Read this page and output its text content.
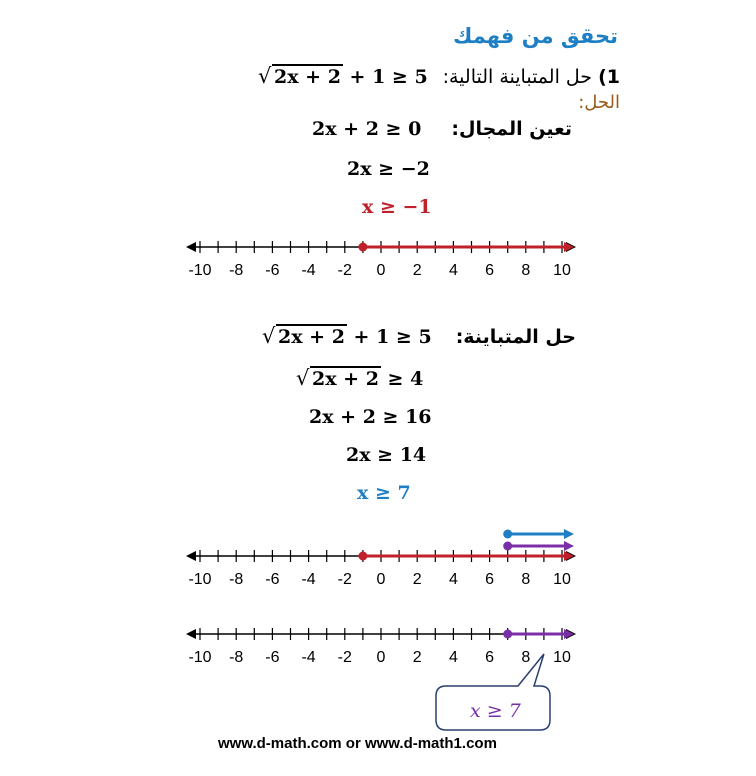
تحقق من فهمك
1) حل المتباينة التالية:
√ 2x + 2 + 1 ≥ 5
الحل:
تعين المجال:
2x + 2 ≥ 0
2x ≥ −2
x ≥ −1
حل المتباينة:
√ 2x + 2 + 1 ≥ 5
√ 2x + 2 ≥ 4
2x + 2 ≥ 16
2x ≥ 14
x ≥ 7
-10 -8 -6 -4 -2 0 2 4 6 8 10
-10 -8 -6 -4 -2 0 2 4 6 8 10
-10 -8 -6 -4 -2 0 2 4 6 8 10
x ≥ 7
www.d-math.com or www.d-math1.com
